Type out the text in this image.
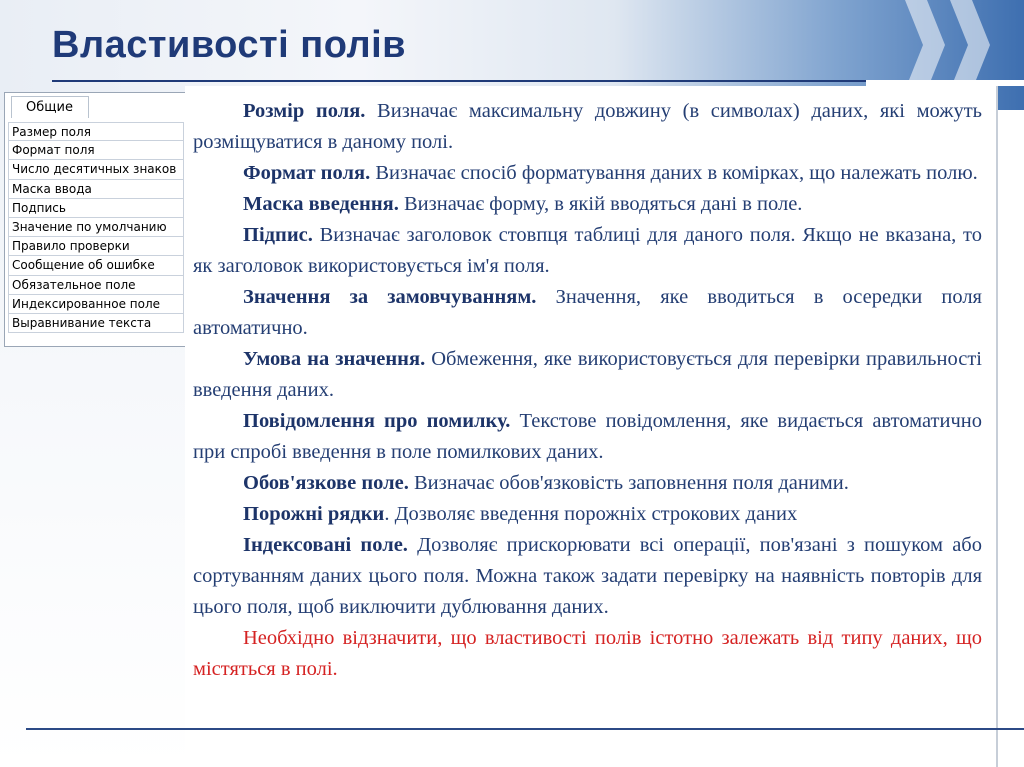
Властивості полів
Общие
Размер поля
Формат поля
Число десятичных знаков
Маска ввода
Подпись
Значение по умолчанию
Правило проверки
Сообщение об ошибке
Обязательное поле
Индексированное поле
Выравнивание текста

Розмір поля. Визначає максимальну довжину (в символах) даних, які можуть розміщуватися в даному полі.

Формат поля. Визначає спосіб форматування даних в комірках, що належать полю.

Маска введення. Визначає форму, в якій вводяться дані в поле.

Підпис. Визначає заголовок стовпця таблиці для даного поля. Якщо не вказана, то як заголовок використовується ім'я поля.

Значення за замовчуванням. Значення, яке вводиться в осередки поля автоматично.

Умова на значення. Обмеження, яке використовується для перевірки правильності введення даних.

Повідомлення про помилку. Текстове повідомлення, яке видається автоматично при спробі введення в поле помилкових даних.

Обов'язкове поле. Визначає обов'язковість заповнення поля даними.

Порожні рядки. Дозволяє введення порожніх строкових даних

Індексовані поле. Дозволяє прискорювати всі операції, пов'язані з пошуком або сортуванням даних цього поля. Можна також задати перевірку на наявність повторів для цього поля, щоб виключити дублювання даних.

Необхідно відзначити, що властивості полів істотно залежать від типу даних, що містяться в полі.
